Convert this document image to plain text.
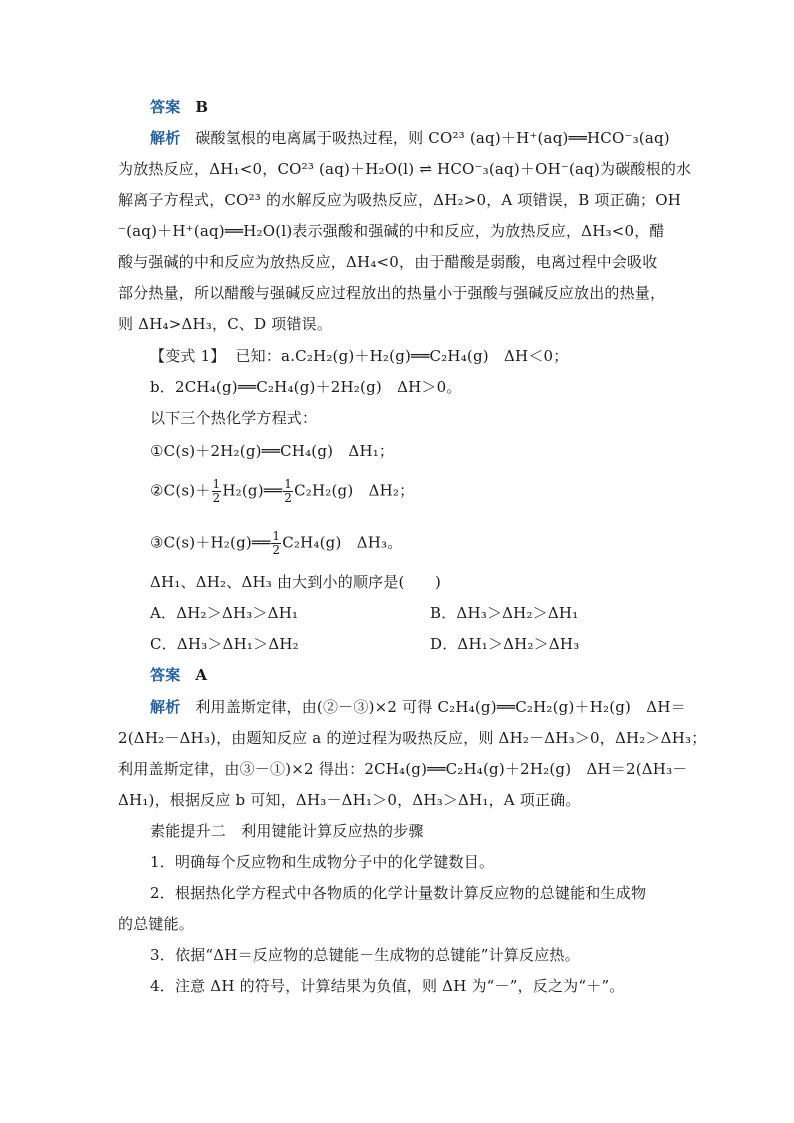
答案 B
解析 碳酸氢根的电离属于吸热过程，则 CO²³ (aq)＋H⁺(aq)══HCO⁻₃(aq)
为放热反应，ΔH₁<0，CO²³ (aq)＋H₂O(l) ⇌ HCO⁻₃(aq)＋OH⁻(aq)为碳酸根的水
解离子方程式，CO²³ 的水解反应为吸热反应，ΔH₂>0，A 项错误，B 项正确；OH
⁻(aq)＋H⁺(aq)══H₂O(l)表示强酸和强碱的中和反应，为放热反应，ΔH₃<0，醋
酸与强碱的中和反应为放热反应，ΔH₄<0，由于醋酸是弱酸，电离过程中会吸收
部分热量，所以醋酸与强碱反应过程放出的热量小于强酸与强碱反应放出的热量，
则 ΔH₄>ΔH₃，C、D 项错误。
【变式 1】 已知：a.C₂H₂(g)＋H₂(g)══C₂H₄(g)　ΔH＜0；
b．2CH₄(g)══C₂H₄(g)＋2H₂(g)　ΔH＞0。
以下三个热化学方程式：
①C(s)＋2H₂(g)══CH₄(g)　ΔH₁；
②C(s)＋ $\frac{1}{2}$ H₂(g)══ $\frac{1}{2} C_2H_2(g)$　ΔH₂；
③C(s)＋H₂(g)══ $\frac{1}{2} C_2H_4(g)$　ΔH₃。
ΔH₁、ΔH₂、ΔH₃ 由大到小的顺序是(　　)
A．ΔH₂＞ΔH₃＞ΔH₁	B．ΔH₃＞ΔH₂＞ΔH₁
C．ΔH₃＞ΔH₁＞ΔH₂	D．ΔH₁＞ΔH₂＞ΔH₃
答案 A
解析 利用盖斯定律，由(②－③)×2 可得 C₂H₄(g)══C₂H₂(g)＋H₂(g)　ΔH＝
2(ΔH₂－ΔH₃)，由题知反应 a 的逆过程为吸热反应，则 ΔH₂－ΔH₃＞0，ΔH₂＞ΔH₃；
利用盖斯定律，由③－①)×2 得出：2CH₄(g)══C₂H₄(g)＋2H₂(g)　ΔH＝2(ΔH₃－
ΔH₁)，根据反应 b 可知，ΔH₃－ΔH₁＞0，ΔH₃＞ΔH₁，A 项正确。
素能提升二　利用键能计算反应热的步骤
1．明确每个反应物和生成物分子中的化学键数目。
2．根据热化学方程式中各物质的化学计量数计算反应物的总键能和生成物
的总键能。
3．依据“ΔH＝反应物的总键能－生成物的总键能”计算反应热。
4．注意 ΔH 的符号，计算结果为负值，则 ΔH 为“－”，反之为“＋”。
